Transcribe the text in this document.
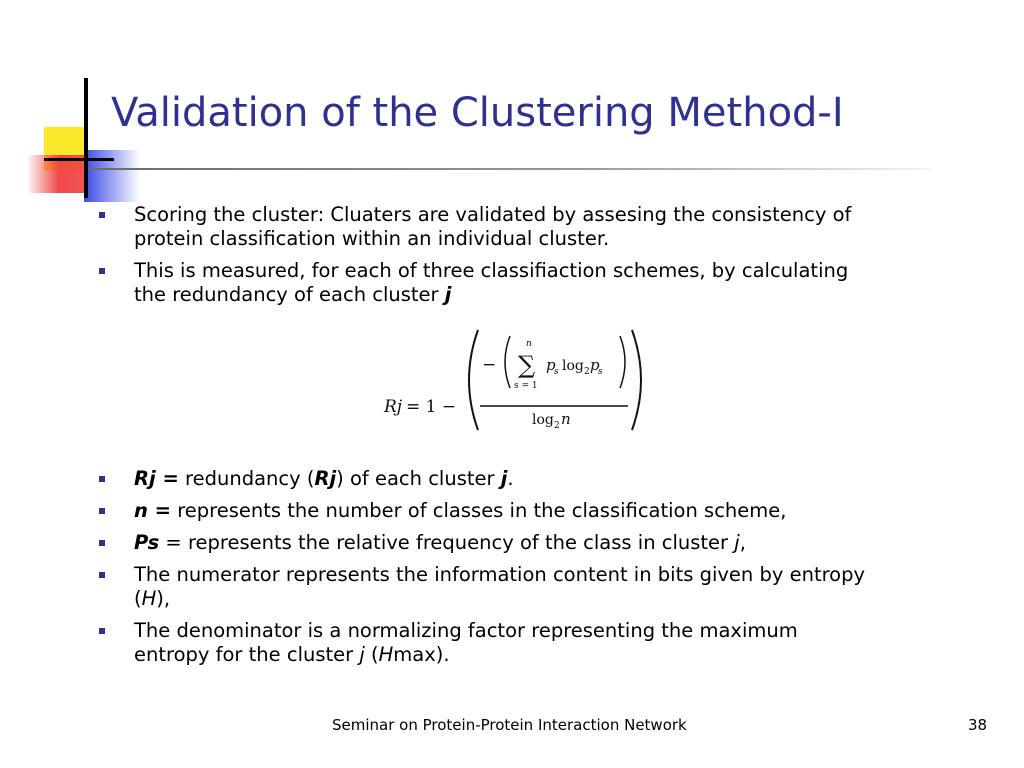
Validation of the Clustering Method-I
Scoring the cluster: Cluaters are validated by assesing the consistency of protein classification within an individual cluster.
This is measured, for each of three classifiaction schemes, by calculating the redundancy of each cluster j
Rj = 1 −
−
n
∑
s = 1
p
s log 2 p
s
log 2 n
Rj = redundancy (Rj) of each cluster j.
n = represents the number of classes in the classification scheme,
Ps = represents the relative frequency of the class in cluster j,
The numerator represents the information content in bits given by entropy (H),
The denominator is a normalizing factor representing the maximum entropy for the cluster j (Hmax).
Seminar on Protein-Protein Interaction Network	38
